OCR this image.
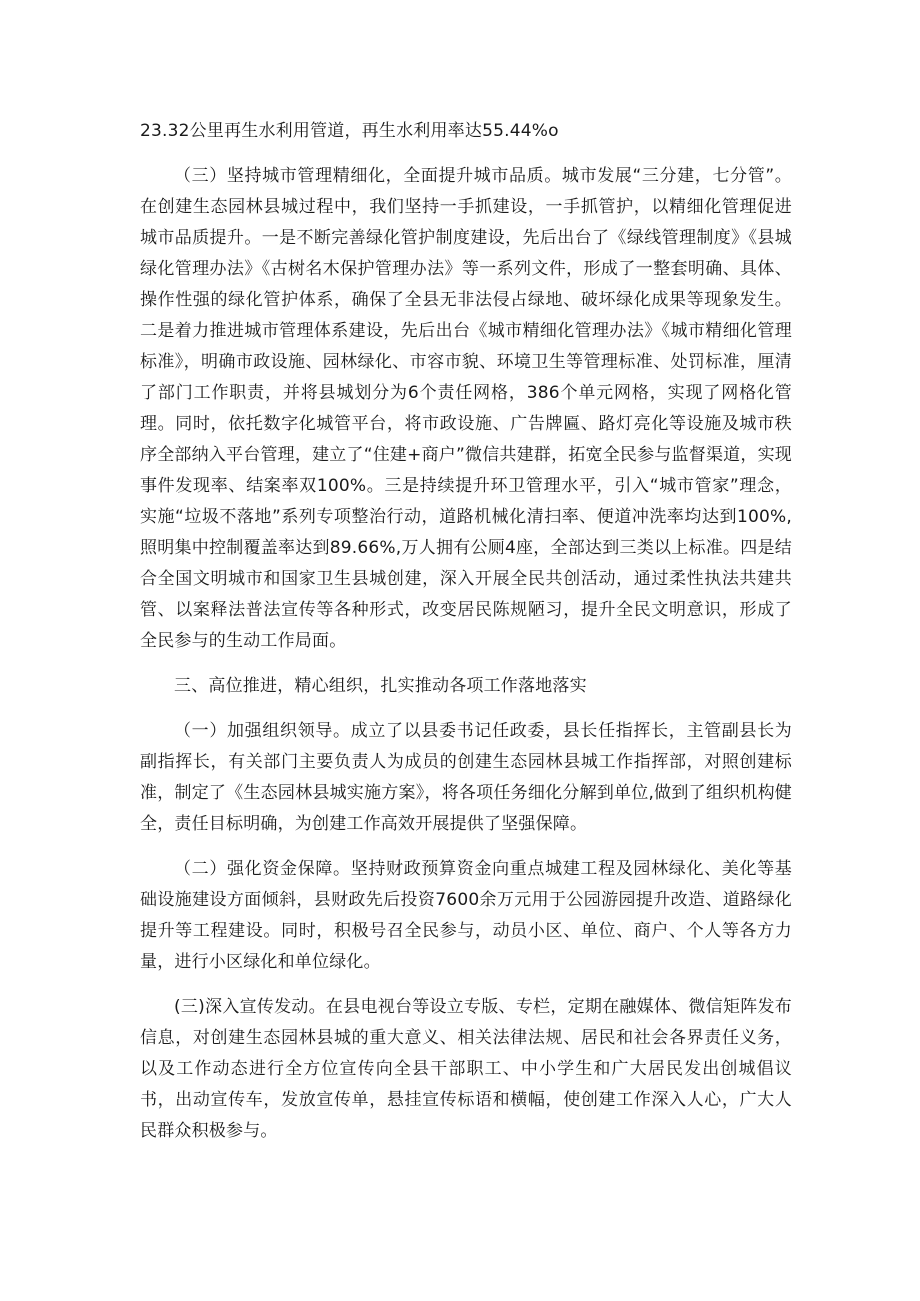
23.32公里再生水利用管道，再生水利用率达55.44%o

（三）坚持城市管理精细化，全面提升城市品质。城市发展“三分建，七分管”。在创建生态园林县城过程中，我们坚持一手抓建设，一手抓管护，以精细化管理促进城市品质提升。一是不断完善绿化管护制度建设，先后出台了《绿线管理制度》《县城绿化管理办法》《古树名木保护管理办法》等一系列文件，形成了一整套明确、具体、操作性强的绿化管护体系，确保了全县无非法侵占绿地、破坏绿化成果等现象发生。二是着力推进城市管理体系建设，先后出台《城市精细化管理办法》《城市精细化管理标准》，明确市政设施、园林绿化、市容市貌、环境卫生等管理标准、处罚标准，厘清了部门工作职责，并将县城划分为6个责任网格，386个单元网格，实现了网格化管理。同时，依托数字化城管平台，将市政设施、广告牌匾、路灯亮化等设施及城市秩序全部纳入平台管理，建立了“住建+商户”微信共建群，拓宽全民参与监督渠道，实现事件发现率、结案率双100%。三是持续提升环卫管理水平，引入“城市管家”理念，实施“垃圾不落地”系列专项整治行动，道路机械化清扫率、便道冲洗率均达到100%,照明集中控制覆盖率达到89.66%,万人拥有公厕4座，全部达到三类以上标准。四是结合全国文明城市和国家卫生县城创建，深入开展全民共创活动，通过柔性执法共建共管、以案释法普法宣传等各种形式，改变居民陈规陋习，提升全民文明意识，形成了全民参与的生动工作局面。

三、高位推进，精心组织，扎实推动各项工作落地落实

（一）加强组织领导。成立了以县委书记任政委，县长任指挥长，主管副县长为副指挥长，有关部门主要负责人为成员的创建生态园林县城工作指挥部，对照创建标准，制定了《生态园林县城实施方案》，将各项任务细化分解到单位,做到了组织机构健全，责任目标明确，为创建工作高效开展提供了坚强保障。

（二）强化资金保障。坚持财政预算资金向重点城建工程及园林绿化、美化等基础设施建设方面倾斜，县财政先后投资7600余万元用于公园游园提升改造、道路绿化提升等工程建设。同时，积极号召全民参与，动员小区、单位、商户、个人等各方力量，进行小区绿化和单位绿化。

(三)深入宣传发动。在县电视台等设立专版、专栏，定期在融媒体、微信矩阵发布信息，对创建生态园林县城的重大意义、相关法律法规、居民和社会各界责任义务，以及工作动态进行全方位宣传向全县干部职工、中小学生和广大居民发出创城倡议书，出动宣传车，发放宣传单，悬挂宣传标语和横幅，使创建工作深入人心，广大人民群众积极参与。
